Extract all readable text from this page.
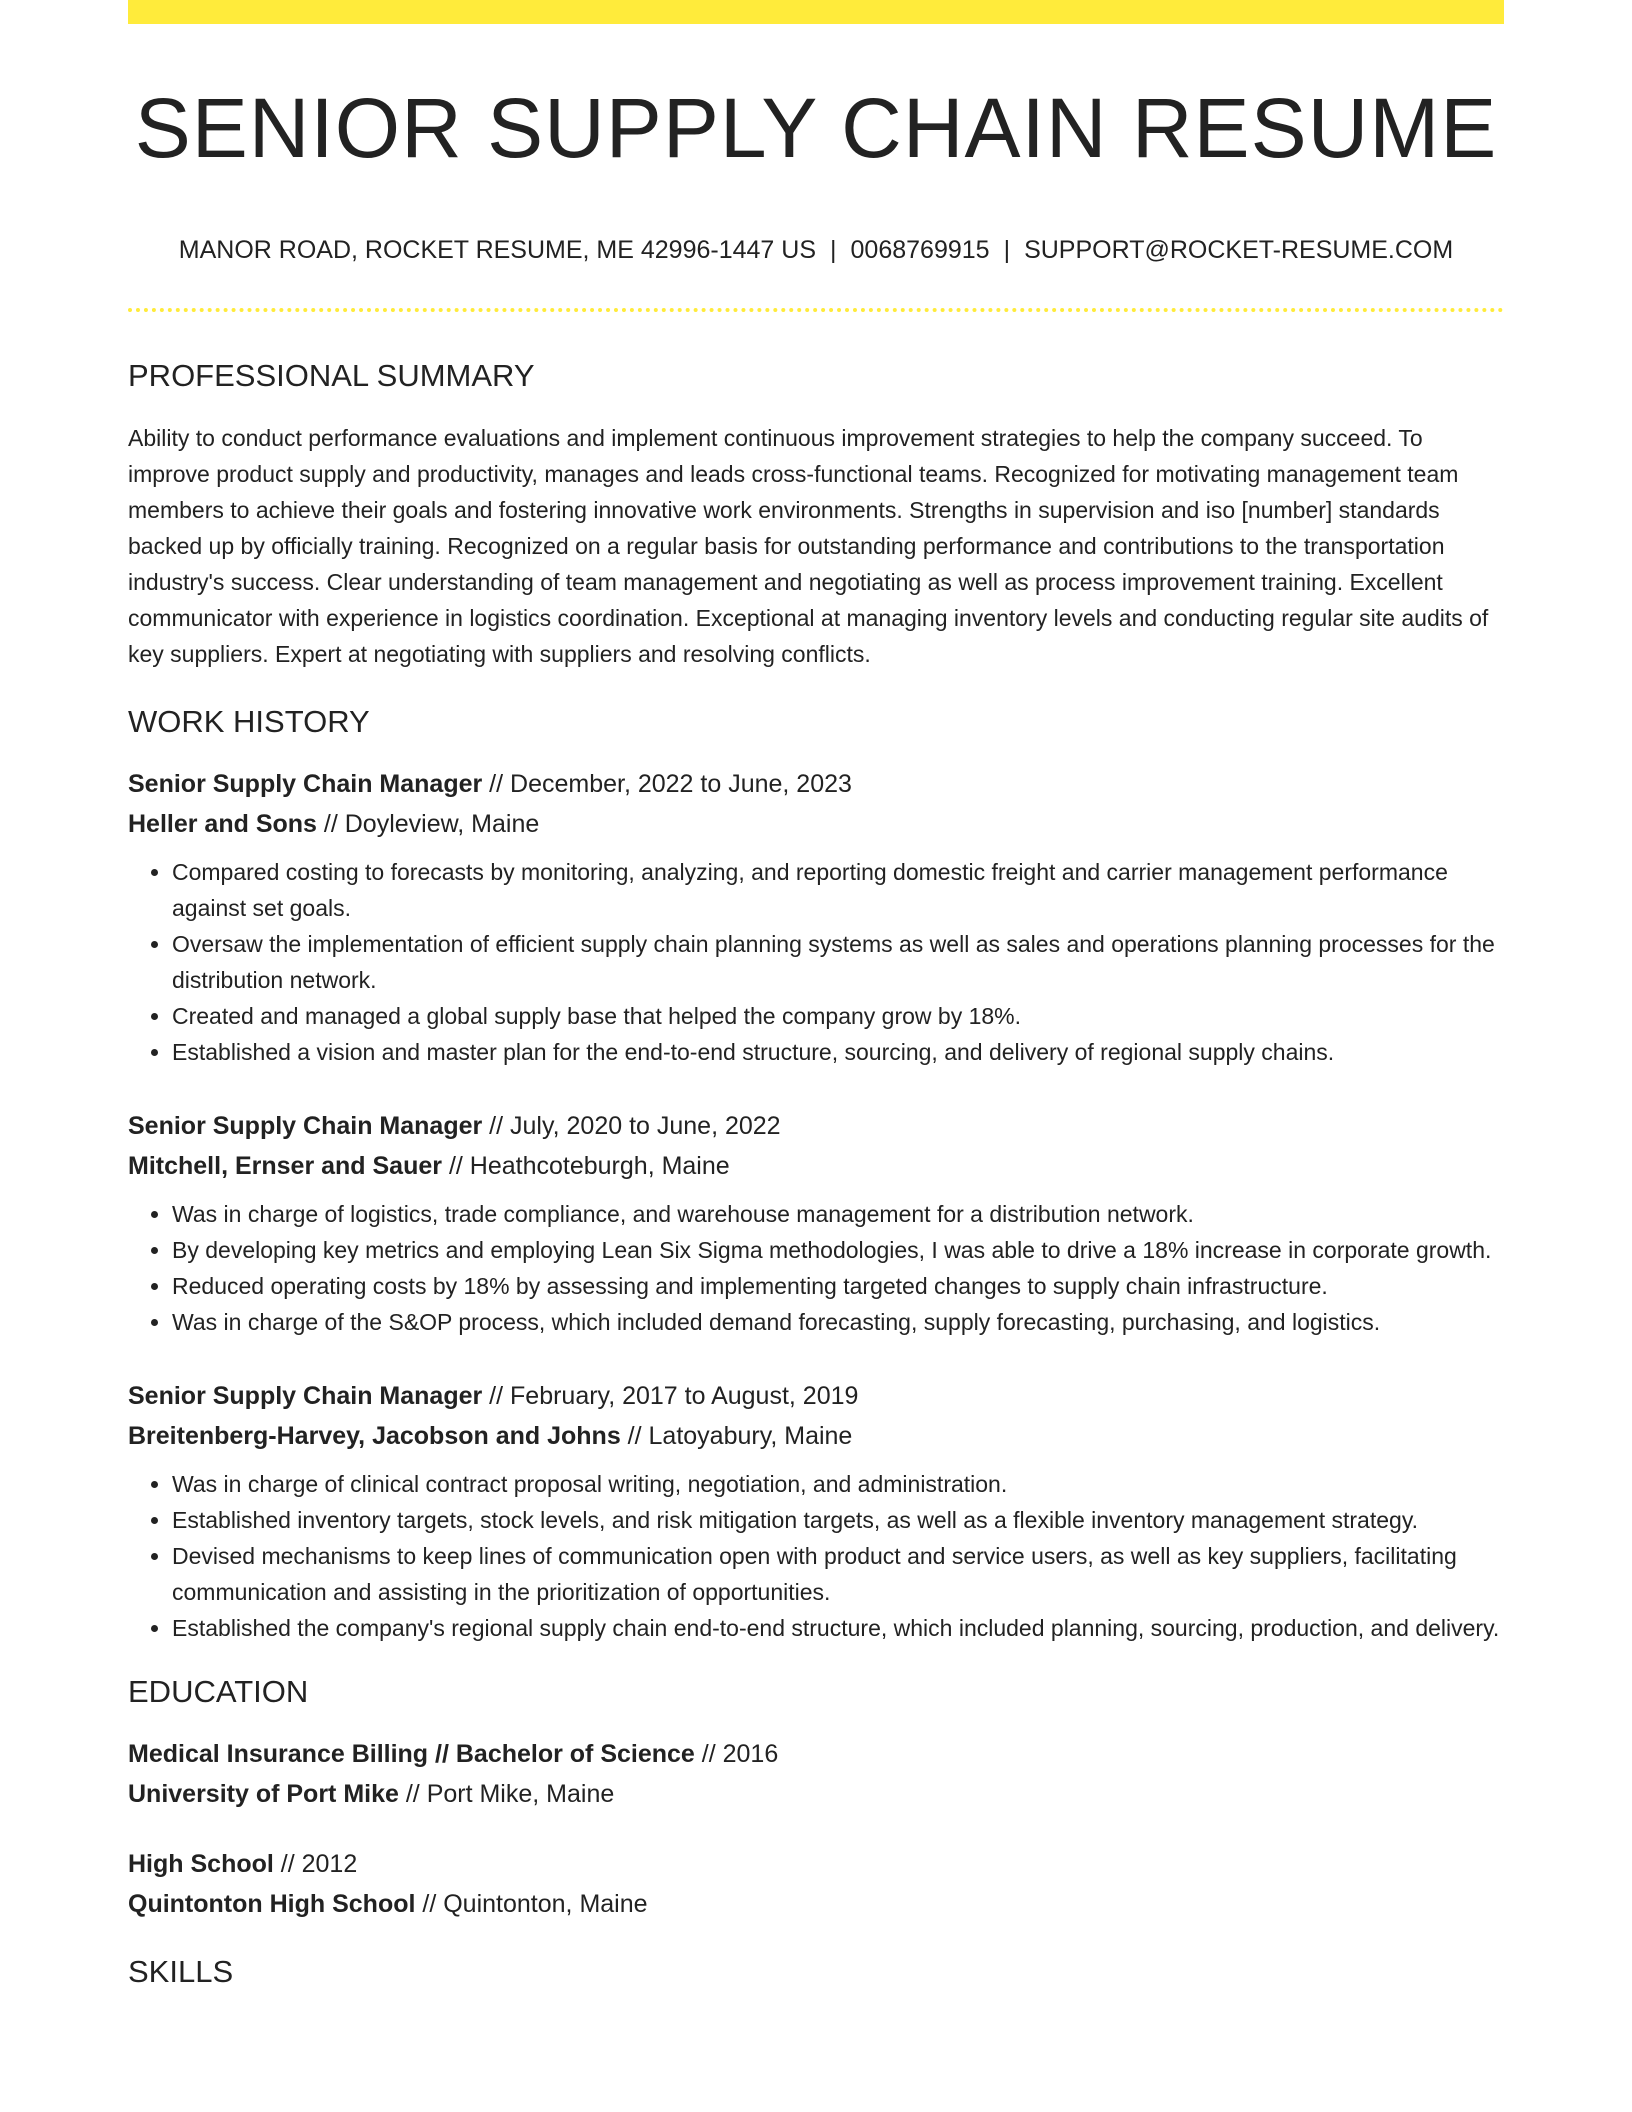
SENIOR SUPPLY CHAIN RESUME
MANOR ROAD, ROCKET RESUME, ME 42996-1447 US | 0068769915 | SUPPORT@ROCKET-RESUME.COM
PROFESSIONAL SUMMARY

Ability to conduct performance evaluations and implement continuous improvement strategies to help the company succeed. To improve product supply and productivity, manages and leads cross-functional teams. Recognized for motivating management team members to achieve their goals and fostering innovative work environments. Strengths in supervision and iso [number] standards backed up by officially training. Recognized on a regular basis for outstanding performance and contributions to the transportation industry's success. Clear understanding of team management and negotiating as well as process improvement training. Excellent communicator with experience in logistics coordination. Exceptional at managing inventory levels and conducting regular site audits of key suppliers. Expert at negotiating with suppliers and resolving conflicts.

WORK HISTORY
Senior Supply Chain Manager // December, 2022 to June, 2023
Heller and Sons // Doyleview, Maine
• Compared costing to forecasts by monitoring, analyzing, and reporting domestic freight and carrier management performance against set goals.
• Oversaw the implementation of efficient supply chain planning systems as well as sales and operations planning processes for the distribution network.
• Created and managed a global supply base that helped the company grow by 18%.
• Established a vision and master plan for the end-to-end structure, sourcing, and delivery of regional supply chains.
Senior Supply Chain Manager // July, 2020 to June, 2022
Mitchell, Ernser and Sauer // Heathcoteburgh, Maine
• Was in charge of logistics, trade compliance, and warehouse management for a distribution network.
• By developing key metrics and employing Lean Six Sigma methodologies, I was able to drive a 18% increase in corporate growth.
• Reduced operating costs by 18% by assessing and implementing targeted changes to supply chain infrastructure.
• Was in charge of the S&OP process, which included demand forecasting, supply forecasting, purchasing, and logistics.
Senior Supply Chain Manager // February, 2017 to August, 2019
Breitenberg-Harvey, Jacobson and Johns // Latoyabury, Maine
• Was in charge of clinical contract proposal writing, negotiation, and administration.
• Established inventory targets, stock levels, and risk mitigation targets, as well as a flexible inventory management strategy.
• Devised mechanisms to keep lines of communication open with product and service users, as well as key suppliers, facilitating communication and assisting in the prioritization of opportunities.
• Established the company's regional supply chain end-to-end structure, which included planning, sourcing, production, and delivery.
EDUCATION
Medical Insurance Billing // Bachelor of Science // 2016
University of Port Mike // Port Mike, Maine
High School // 2012
Quintonton High School // Quintonton, Maine
SKILLS
